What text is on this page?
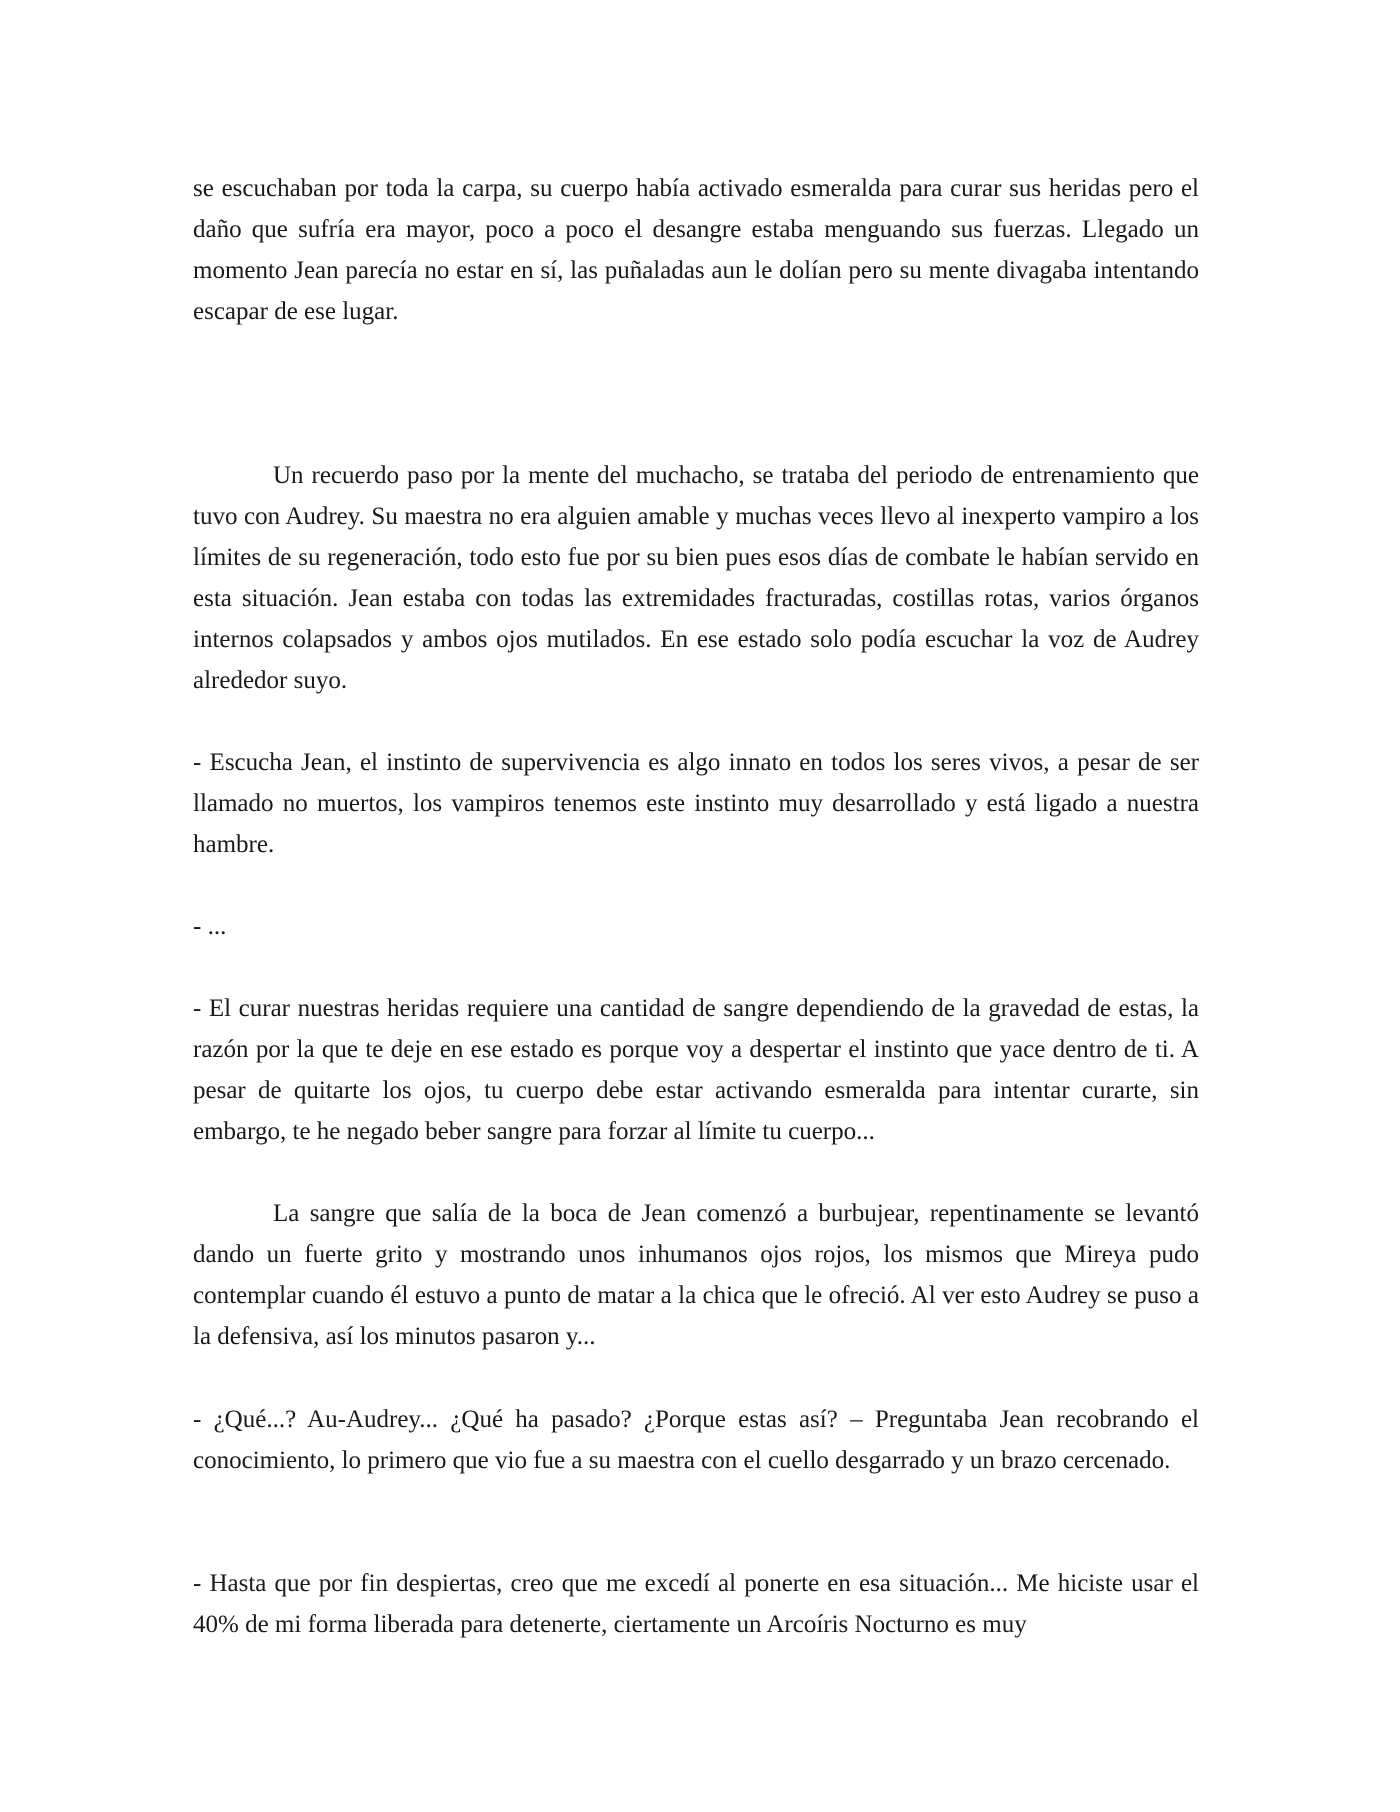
se escuchaban por toda la carpa, su cuerpo había activado esmeralda para curar sus heridas pero el daño que sufría era mayor, poco a poco el desangre estaba menguando sus fuerzas. Llegado un momento Jean parecía no estar en sí, las puñaladas aun le dolían pero su mente divagaba intentando escapar de ese lugar.

Un recuerdo paso por la mente del muchacho, se trataba del periodo de entrenamiento que tuvo con Audrey. Su maestra no era alguien amable y muchas veces llevo al inexperto vampiro a los límites de su regeneración, todo esto fue por su bien pues esos días de combate le habían servido en esta situación. Jean estaba con todas las extremidades fracturadas, costillas rotas, varios órganos internos colapsados y ambos ojos mutilados. En ese estado solo podía escuchar la voz de Audrey alrededor suyo.

- Escucha Jean, el instinto de supervivencia es algo innato en todos los seres vivos, a pesar de ser llamado no muertos, los vampiros tenemos este instinto muy desarrollado y está ligado a nuestra hambre.

- ...

- El curar nuestras heridas requiere una cantidad de sangre dependiendo de la gravedad de estas, la razón por la que te deje en ese estado es porque voy a despertar el instinto que yace dentro de ti. A pesar de quitarte los ojos, tu cuerpo debe estar activando esmeralda para intentar curarte, sin embargo, te he negado beber sangre para forzar al límite tu cuerpo...

La sangre que salía de la boca de Jean comenzó a burbujear, repentinamente se levantó dando un fuerte grito y mostrando unos inhumanos ojos rojos, los mismos que Mireya pudo contemplar cuando él estuvo a punto de matar a la chica que le ofreció. Al ver esto Audrey se puso a la defensiva, así los minutos pasaron y...

- ¿Qué...? Au-Audrey... ¿Qué ha pasado? ¿Porque estas así? – Preguntaba Jean recobrando el conocimiento, lo primero que vio fue a su maestra con el cuello desgarrado y un brazo cercenado.

- Hasta que por fin despiertas, creo que me excedí al ponerte en esa situación... Me hiciste usar el 40% de mi forma liberada para detenerte, ciertamente un Arcoíris Nocturno es muy
